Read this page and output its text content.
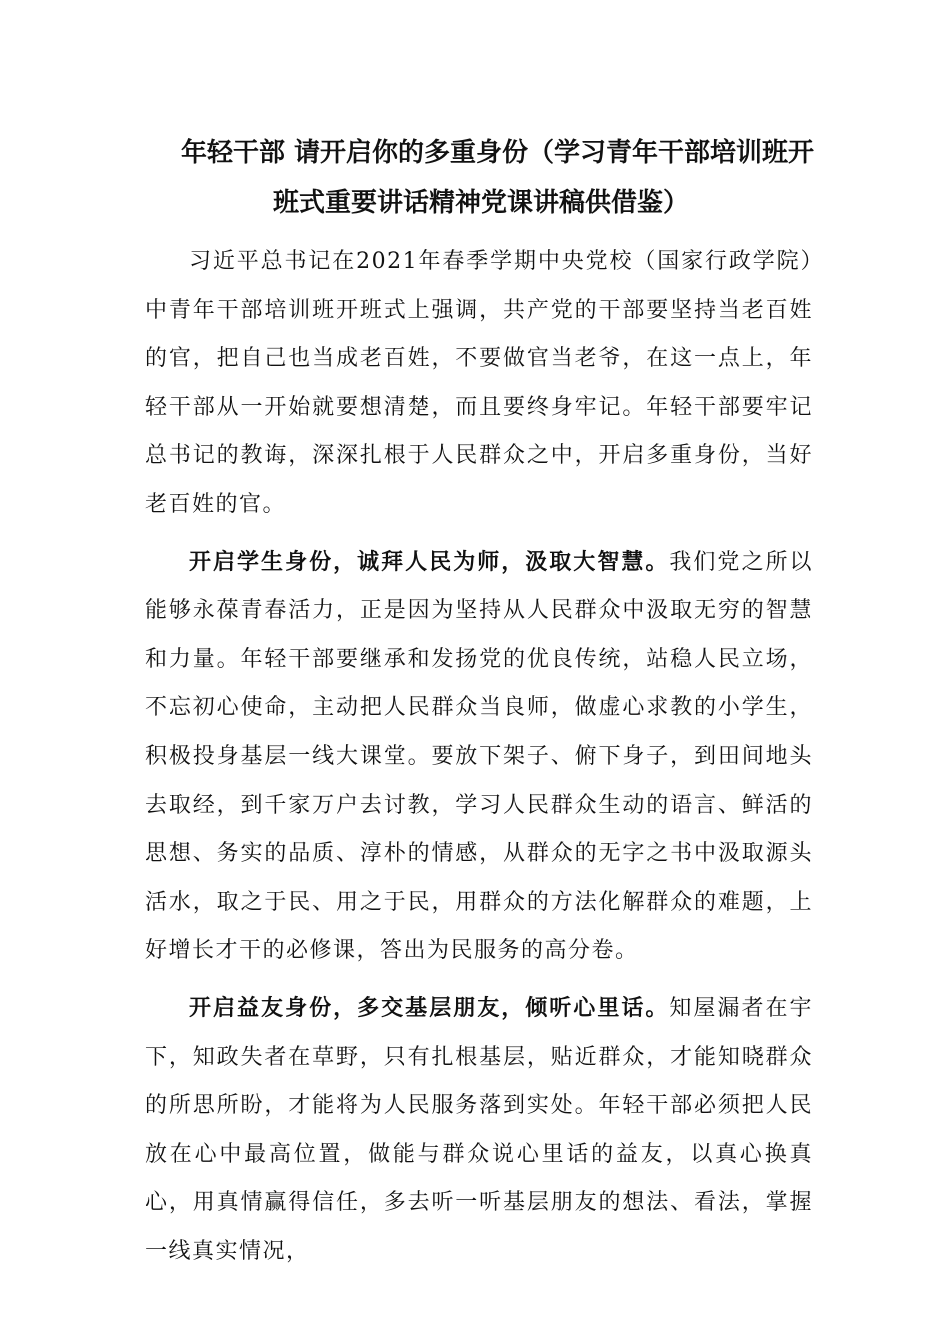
年轻干部 请开启你的多重身份（学习青年干部培训班开
班式重要讲话精神党课讲稿供借鉴）

习近平总书记在2021年春季学期中央党校（国家行政学院）中青年干部培训班开班式上强调，共产党的干部要坚持当老百姓的官，把自己也当成老百姓，不要做官当老爷，在这一点上，年轻干部从一开始就要想清楚，而且要终身牢记。年轻干部要牢记总书记的教诲，深深扎根于人民群众之中，开启多重身份，当好老百姓的官。

开启学生身份，诚拜人民为师，汲取大智慧。我们党之所以能够永葆青春活力，正是因为坚持从人民群众中汲取无穷的智慧和力量。年轻干部要继承和发扬党的优良传统，站稳人民立场，不忘初心使命，主动把人民群众当良师，做虚心求教的小学生，积极投身基层一线大课堂。要放下架子、俯下身子，到田间地头去取经，到千家万户去讨教，学习人民群众生动的语言、鲜活的思想、务实的品质、淳朴的情感，从群众的无字之书中汲取源头活水，取之于民、用之于民，用群众的方法化解群众的难题，上好增长才干的必修课，答出为民服务的高分卷。

开启益友身份，多交基层朋友，倾听心里话。知屋漏者在宇下，知政失者在草野，只有扎根基层，贴近群众，才能知晓群众的所思所盼，才能将为人民服务落到实处。年轻干部必须把人民放在心中最高位置，做能与群众说心里话的益友，以真心换真心，用真情赢得信任，多去听一听基层朋友的想法、看法，掌握一线真实情况，
